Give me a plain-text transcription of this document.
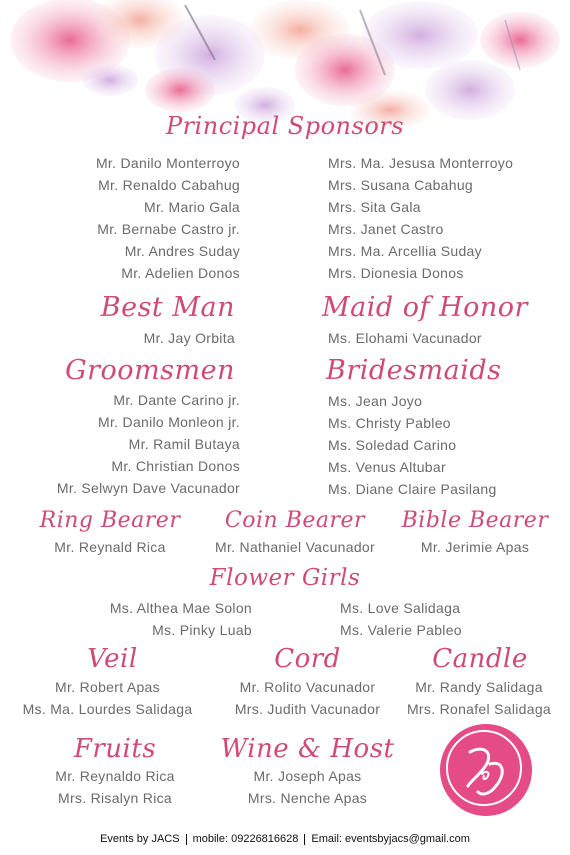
Principal Sponsors
Mr. Danilo Monterroyo
Mr. Renaldo Cabahug
Mr. Mario Gala
Mr. Bernabe Castro jr.
Mr. Andres Suday
Mr. Adelien Donos
Mrs. Ma. Jesusa Monterroyo
Mrs. Susana Cabahug
Mrs. Sita Gala
Mrs. Janet Castro
Mrs. Ma. Arcellia Suday
Mrs. Dionesia Donos
Best Man
Mr. Jay Orbita
Maid of Honor
Ms. Elohami Vacunador
Groomsmen
Mr. Dante Carino jr.
Mr. Danilo Monleon jr.
Mr. Ramil Butaya
Mr. Christian Donos
Mr. Selwyn Dave Vacunador
Bridesmaids
Ms. Jean Joyo
Ms. Christy Pableo
Ms. Soledad Carino
Ms. Venus Altubar
Ms. Diane Claire Pasilang
Ring Bearer
Mr. Reynald Rica
Coin Bearer
Mr. Nathaniel Vacunador
Bible Bearer
Mr. Jerimie Apas
Flower Girls
Ms. Althea Mae Solon
Ms. Pinky Luab
Ms. Love Salidaga
Ms. Valerie Pableo
Veil
Mr. Robert Apas
Ms. Ma. Lourdes Salidaga
Cord
Mr. Rolito Vacunador
Mrs. Judith Vacunador
Candle
Mr. Randy Salidaga
Mrs. Ronafel Salidaga
Fruits
Mr. Reynaldo Rica
Mrs. Risalyn Rica
Wine & Host
Mr. Joseph Apas
Mrs. Nenche Apas
Events by JACS mobile: 09226816628 Email: eventsbyjacs@gmail.com
